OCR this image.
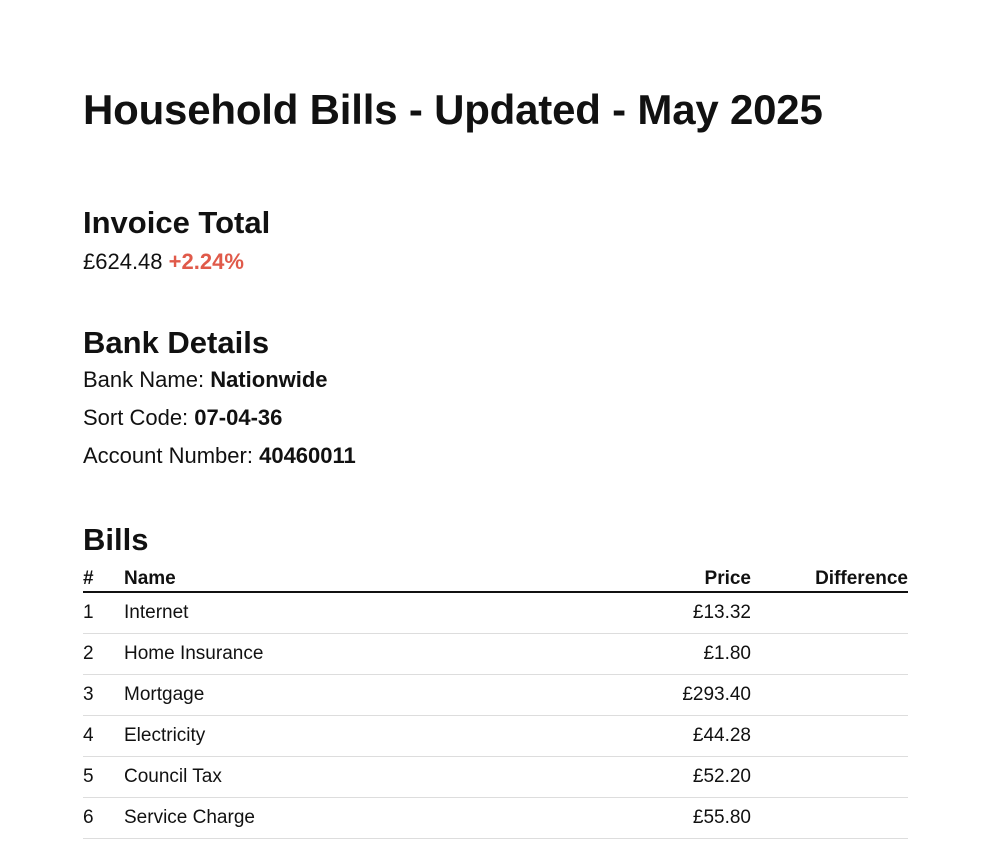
Household Bills - Updated - May 2025
Invoice Total
£624.48 +2.24%
Bank Details
Bank Name: Nationwide
Sort Code: 07-04-36
Account Number: 40460011
Bills
#	Name	Price	Difference
1	Internet	£13.32	
2	Home Insurance	£1.80	
3	Mortgage	£293.40	
4	Electricity	£44.28	
5	Council Tax	£52.20	
6	Service Charge	£55.80	
